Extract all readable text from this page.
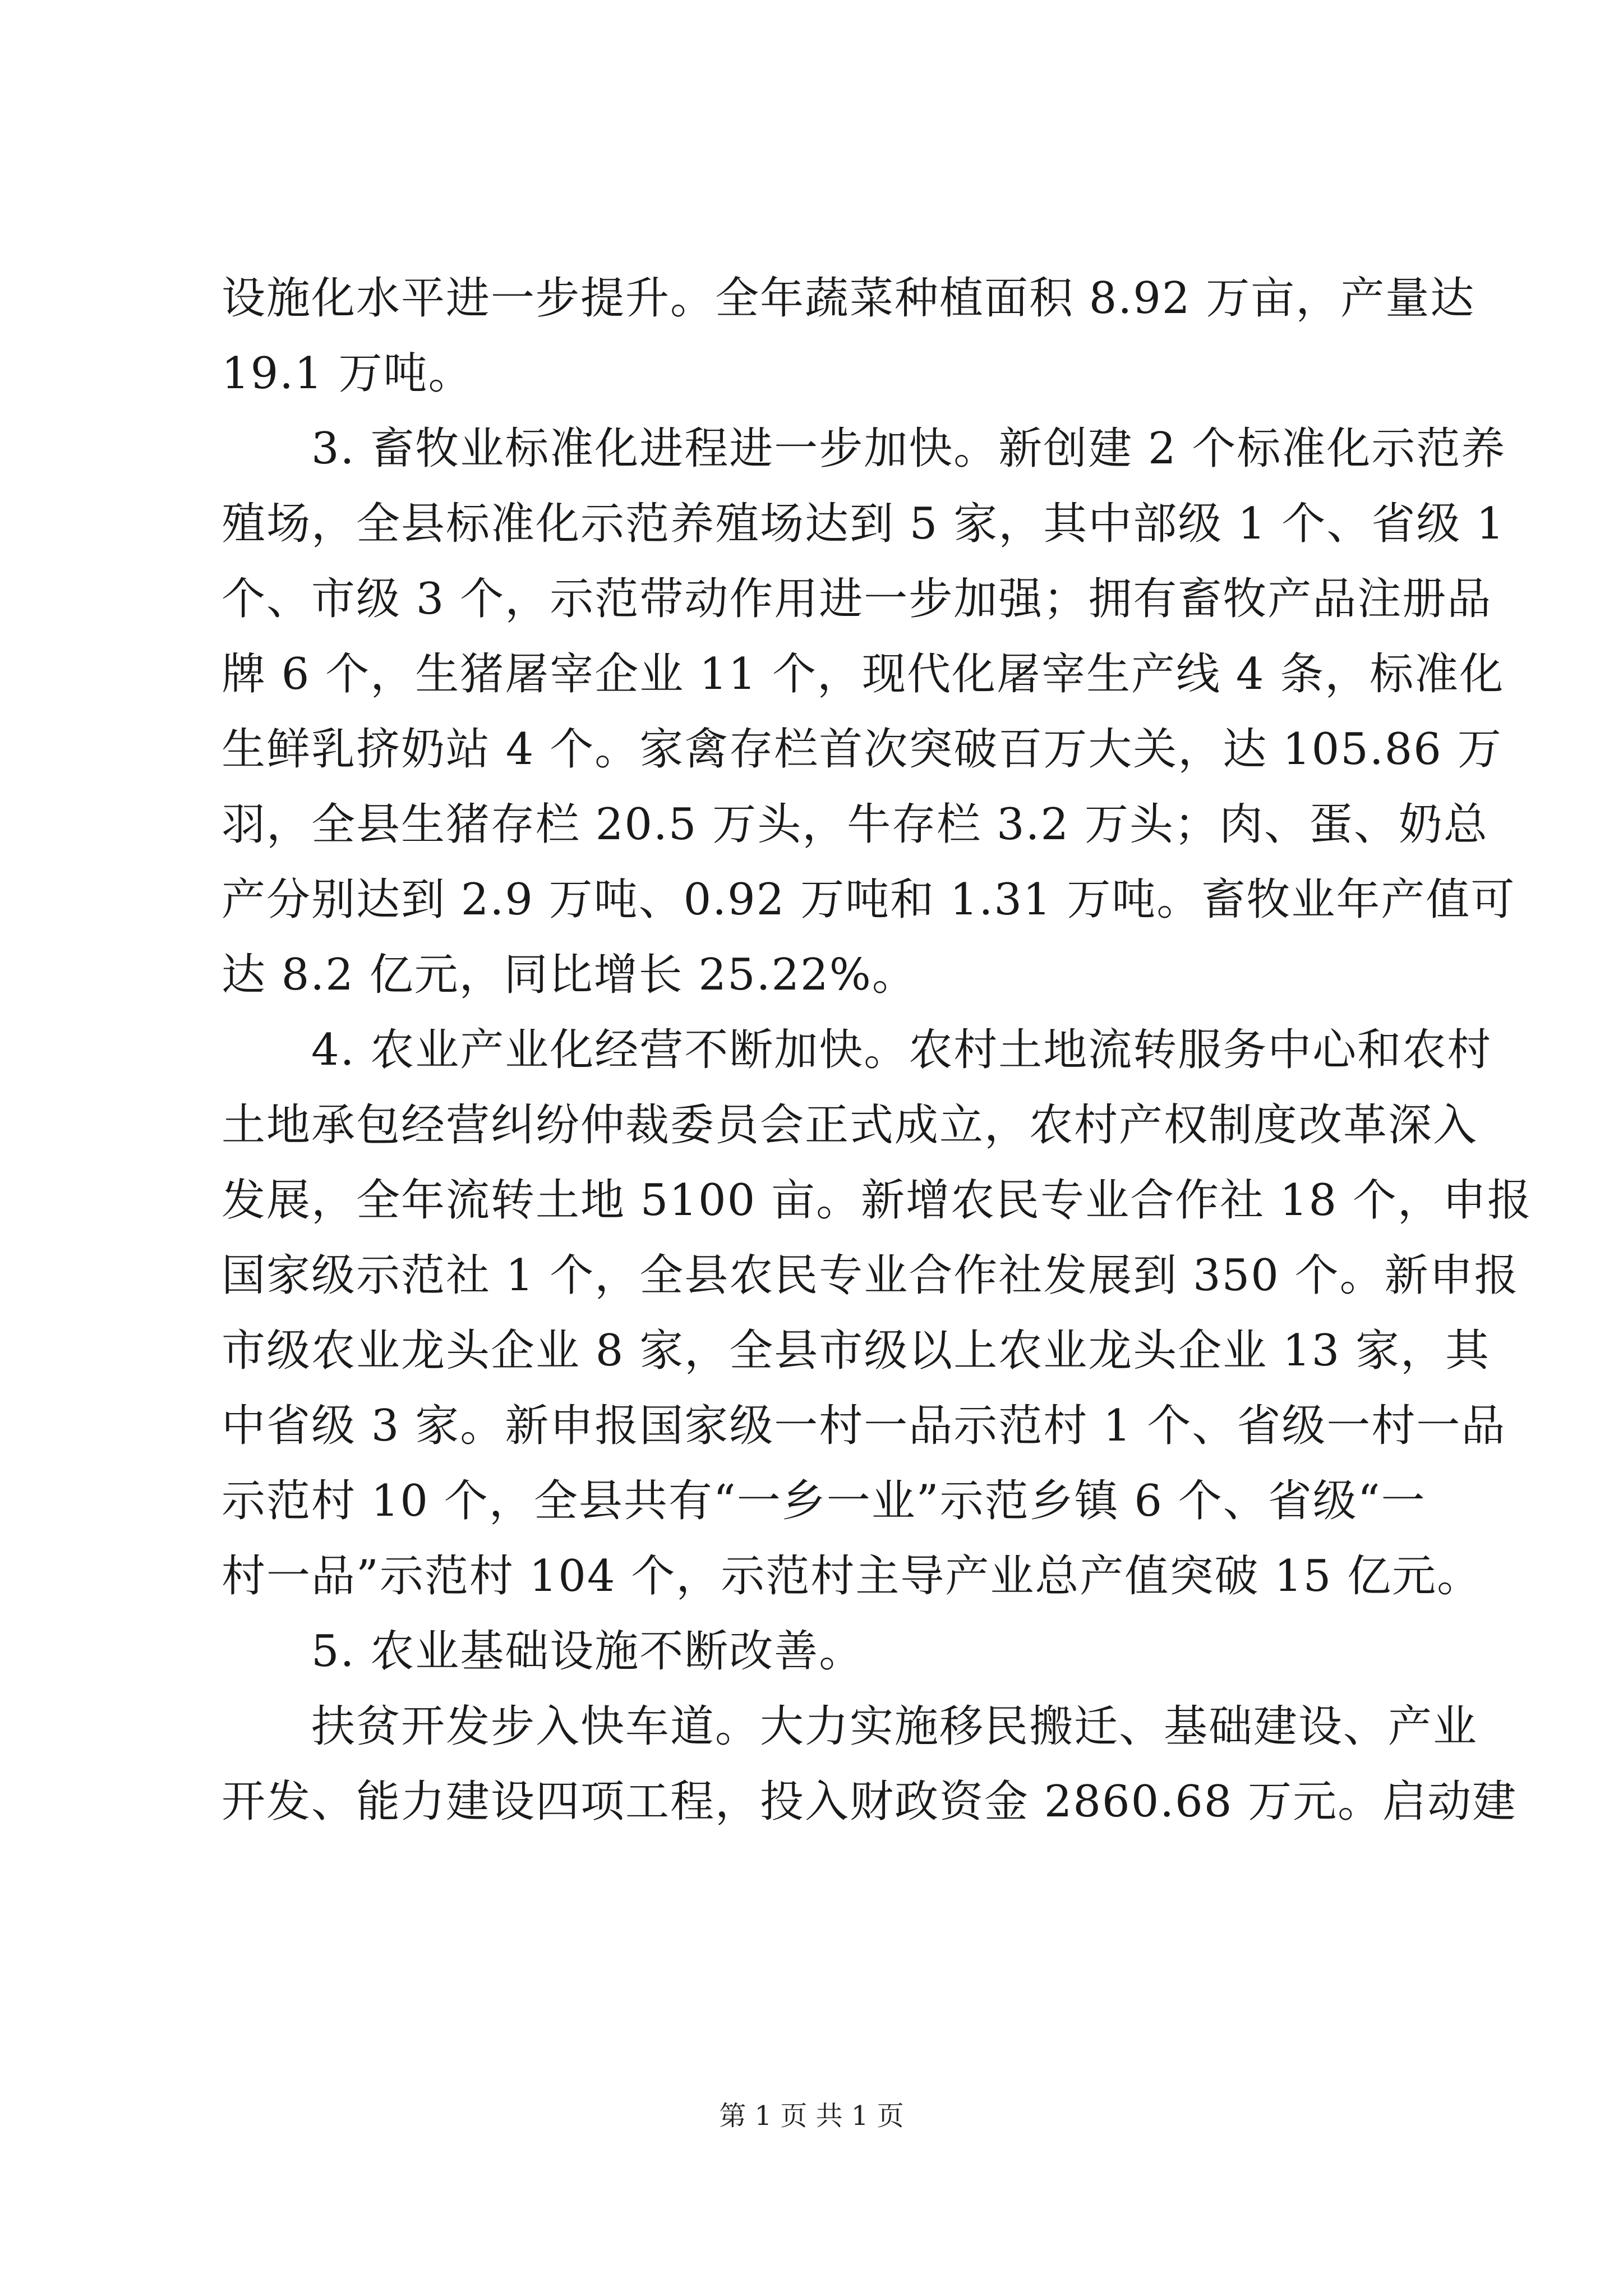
设施化水平进一步提升。全年蔬菜种植面积 8.92 万亩，产量达
19.1 万吨。
3. 畜牧业标准化进程进一步加快。新创建 2 个标准化示范养
殖场，全县标准化示范养殖场达到 5 家，其中部级 1 个、省级 1
个、市级 3 个，示范带动作用进一步加强；拥有畜牧产品注册品
牌 6 个，生猪屠宰企业 11 个，现代化屠宰生产线 4 条，标准化
生鲜乳挤奶站 4 个。家禽存栏首次突破百万大关，达 105.86 万
羽，全县生猪存栏 20.5 万头，牛存栏 3.2 万头；肉、蛋、奶总
产分别达到 2.9 万吨、0.92 万吨和 1.31 万吨。畜牧业年产值可
达 8.2 亿元，同比增长 25.22%。
4. 农业产业化经营不断加快。农村土地流转服务中心和农村
土地承包经营纠纷仲裁委员会正式成立，农村产权制度改革深入
发展，全年流转土地 5100 亩。新增农民专业合作社 18 个，申报
国家级示范社 1 个，全县农民专业合作社发展到 350 个。新申报
市级农业龙头企业 8 家，全县市级以上农业龙头企业 13 家，其
中省级 3 家。新申报国家级一村一品示范村 1 个、省级一村一品
示范村 10 个，全县共有“一乡一业”示范乡镇 6 个、省级“一
村一品”示范村 104 个，示范村主导产业总产值突破 15 亿元。
5. 农业基础设施不断改善。
扶贫开发步入快车道。大力实施移民搬迁、基础建设、产业
开发、能力建设四项工程，投入财政资金 2860.68 万元。启动建
第 1 页 共 1 页
